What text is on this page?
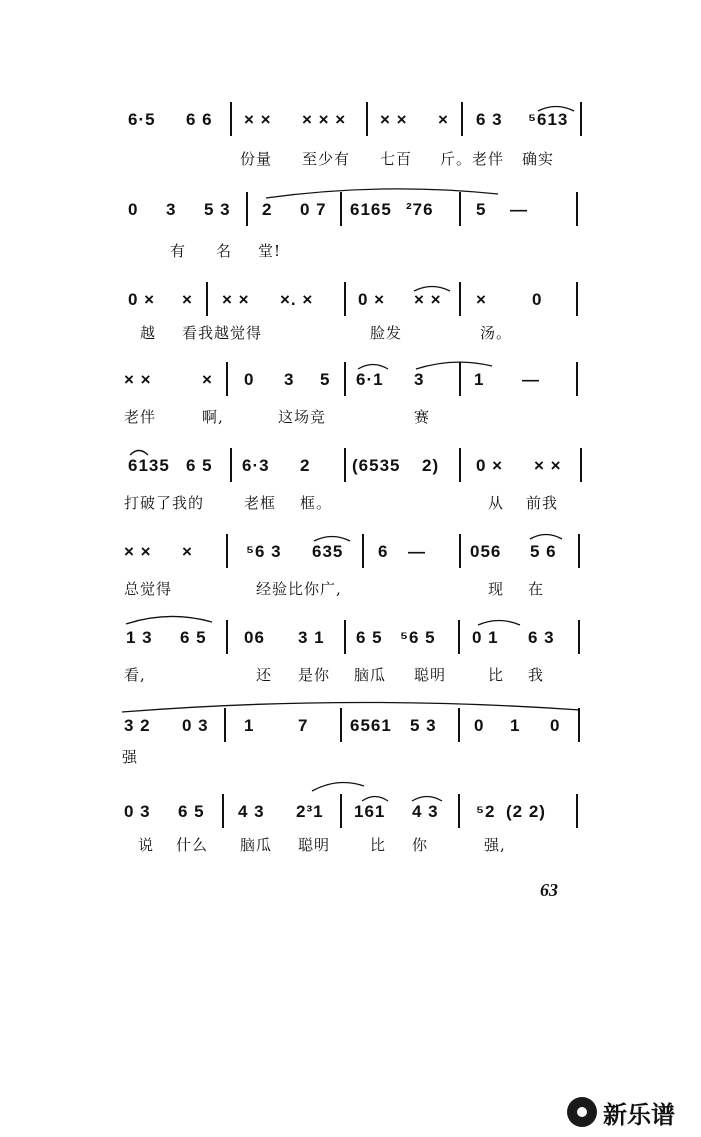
6·5 6 6 × × × × × × × × 6 3 ⁵613
份量 至少有 七百 斤。老伴 确实
0 3 5 3 2 0 7 6165 ²76 5 —
有 名 堂!
0 × × × × ×. ×	0 × × × ×	0
越 看我越觉得	脸发	汤。
× ×	× 0 3 5 6·1 3	1 —
老伴	啊,	这场竞	赛
6135 6 5 6·3 2 (6535 2) 0 × × ×
打破了我的	老框 框。	从 前我
× × ×	⁵6 3 635 6 —	056 5 6
总觉得	经验比你广,	现 在
1 3 6 5 06 3 1 6 5 ⁵6 5 0 1 6 3
看,	还 是你 脑瓜 聪明	比 我
3 2 0 3 1	7 6561 5 3 0 1 0
强
0 3 6 5 4 3 2³1 161 4 3 ⁵2 (2 2)
说 什么 脑瓜 聪明	比 你	强,
63
新乐谱
